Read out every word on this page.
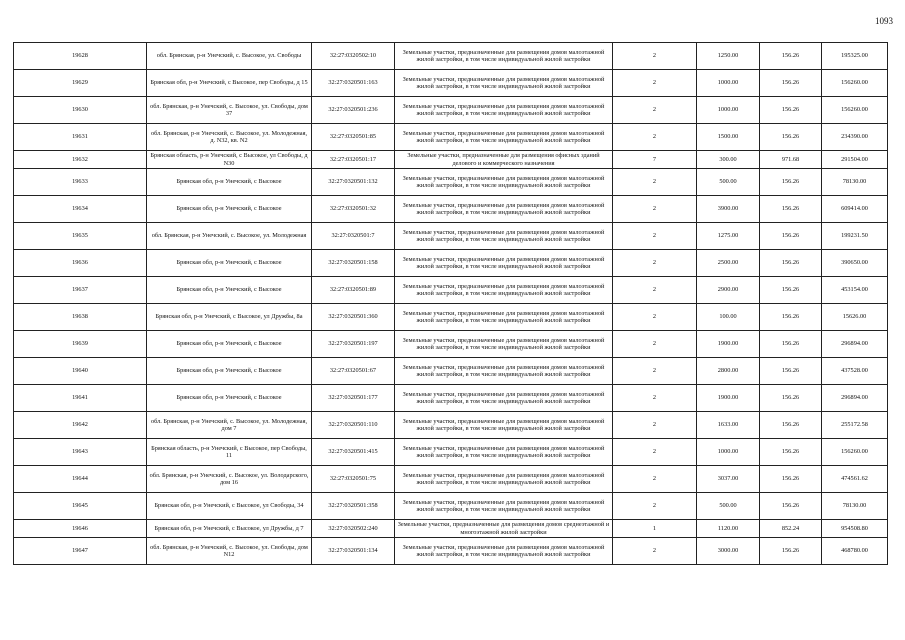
1093
19628	обл. Брянская, р-н Унечский, с. Высокое, ул. Свободы	32:27:0320502:10	Земельные участки, предназначенные для размещения домов малоэтажной жилой застройки, в том числе индивидуальной жилой застройки	2	1250.00	156.26	195325.00
19629	Брянская обл, р-н Унечский, с Высокое, пер Свободы, д 15	32:27:0320501:163	Земельные участки, предназначенные для размещения домов малоэтажной жилой застройки, в том числе индивидуальной жилой застройки	2	1000.00	156.26	156260.00
19630	обл. Брянская, р-н Унечский, с. Высокое, ул. Свободы, дом 37	32:27:0320501:236	Земельные участки, предназначенные для размещения домов малоэтажной жилой застройки, в том числе индивидуальной жилой застройки	2	1000.00	156.26	156260.00
19631	обл. Брянская, р-н Унечский, с. Высокое, ул. Молодежная, д. N32, кв. N2	32:27:0320501:85	Земельные участки, предназначенные для размещения домов малоэтажной жилой застройки, в том числе индивидуальной жилой застройки	2	1500.00	156.26	234390.00
19632	Брянская область, р-н Унечский, с Высокое, ул Свободы, д N30	32:27:0320501:17	Земельные участки, предназначенные для размещения офисных зданий делового и коммерческого назначения	7	300.00	971.68	291504.00
19633	Брянская обл, р-н Унечский, с Высокое	32:27:0320501:132	Земельные участки, предназначенные для размещения домов малоэтажной жилой застройки, в том числе индивидуальной жилой застройки	2	500.00	156.26	78130.00
19634	Брянская обл, р-н Унечский, с Высокое	32:27:0320501:32	Земельные участки, предназначенные для размещения домов малоэтажной жилой застройки, в том числе индивидуальной жилой застройки	2	3900.00	156.26	609414.00
19635	обл. Брянская, р-н Унечский, с. Высокое, ул. Молодежная	32:27:0320501:7	Земельные участки, предназначенные для размещения домов малоэтажной жилой застройки, в том числе индивидуальной жилой застройки	2	1275.00	156.26	199231.50
19636	Брянская обл, р-н Унечский, с Высокое	32:27:0320501:158	Земельные участки, предназначенные для размещения домов малоэтажной жилой застройки, в том числе индивидуальной жилой застройки	2	2500.00	156.26	390650.00
19637	Брянская обл, р-н Унечский, с Высокое	32:27:0320501:89	Земельные участки, предназначенные для размещения домов малоэтажной жилой застройки, в том числе индивидуальной жилой застройки	2	2900.00	156.26	453154.00
19638	Брянская обл, р-н Унечский, с Высокое, ул Дружбы, 8а	32:27:0320501:360	Земельные участки, предназначенные для размещения домов малоэтажной жилой застройки, в том числе индивидуальной жилой застройки	2	100.00	156.26	15626.00
19639	Брянская обл, р-н Унечский, с Высокое	32:27:0320501:197	Земельные участки, предназначенные для размещения домов малоэтажной жилой застройки, в том числе индивидуальной жилой застройки	2	1900.00	156.26	296894.00
19640	Брянская обл, р-н Унечский, с Высокое	32:27:0320501:67	Земельные участки, предназначенные для размещения домов малоэтажной жилой застройки, в том числе индивидуальной жилой застройки	2	2800.00	156.26	437528.00
19641	Брянская обл, р-н Унечский, с Высокое	32:27:0320501:177	Земельные участки, предназначенные для размещения домов малоэтажной жилой застройки, в том числе индивидуальной жилой застройки	2	1900.00	156.26	296894.00
19642	обл. Брянская, р-н Унечский, с. Высокое, ул. Молодежная, дом 7	32:27:0320501:110	Земельные участки, предназначенные для размещения домов малоэтажной жилой застройки, в том числе индивидуальной жилой застройки	2	1633.00	156.26	255172.58
19643	Брянская область, р-н Унечский, с Высокое, пер Свободы, 11	32:27:0320501:415	Земельные участки, предназначенные для размещения домов малоэтажной жилой застройки, в том числе индивидуальной жилой застройки	2	1000.00	156.26	156260.00
19644	обл. Брянская, р-н Унечский, с. Высокое, ул. Володарского, дом 16	32:27:0320501:75	Земельные участки, предназначенные для размещения домов малоэтажной жилой застройки, в том числе индивидуальной жилой застройки	2	3037.00	156.26	474561.62
19645	Брянская обл, р-н Унечский, с Высокое, ул Свободы, 34	32:27:0320501:358	Земельные участки, предназначенные для размещения домов малоэтажной жилой застройки, в том числе индивидуальной жилой застройки	2	500.00	156.26	78130.00
19646	Брянская обл, р-н Унечский, с Высокое, ул Дружбы, д 7	32:27:0320502:240	Земельные участки, предназначенные для размещения домов среднеэтажной и многоэтажной жилой застройки	1	1120.00	852.24	954508.80
19647	обл. Брянская, р-н Унечский, с. Высокое, ул. Свободы, дом N12	32:27:0320501:134	Земельные участки, предназначенные для размещения домов малоэтажной жилой застройки, в том числе индивидуальной жилой застройки	2	3000.00	156.26	468780.00
